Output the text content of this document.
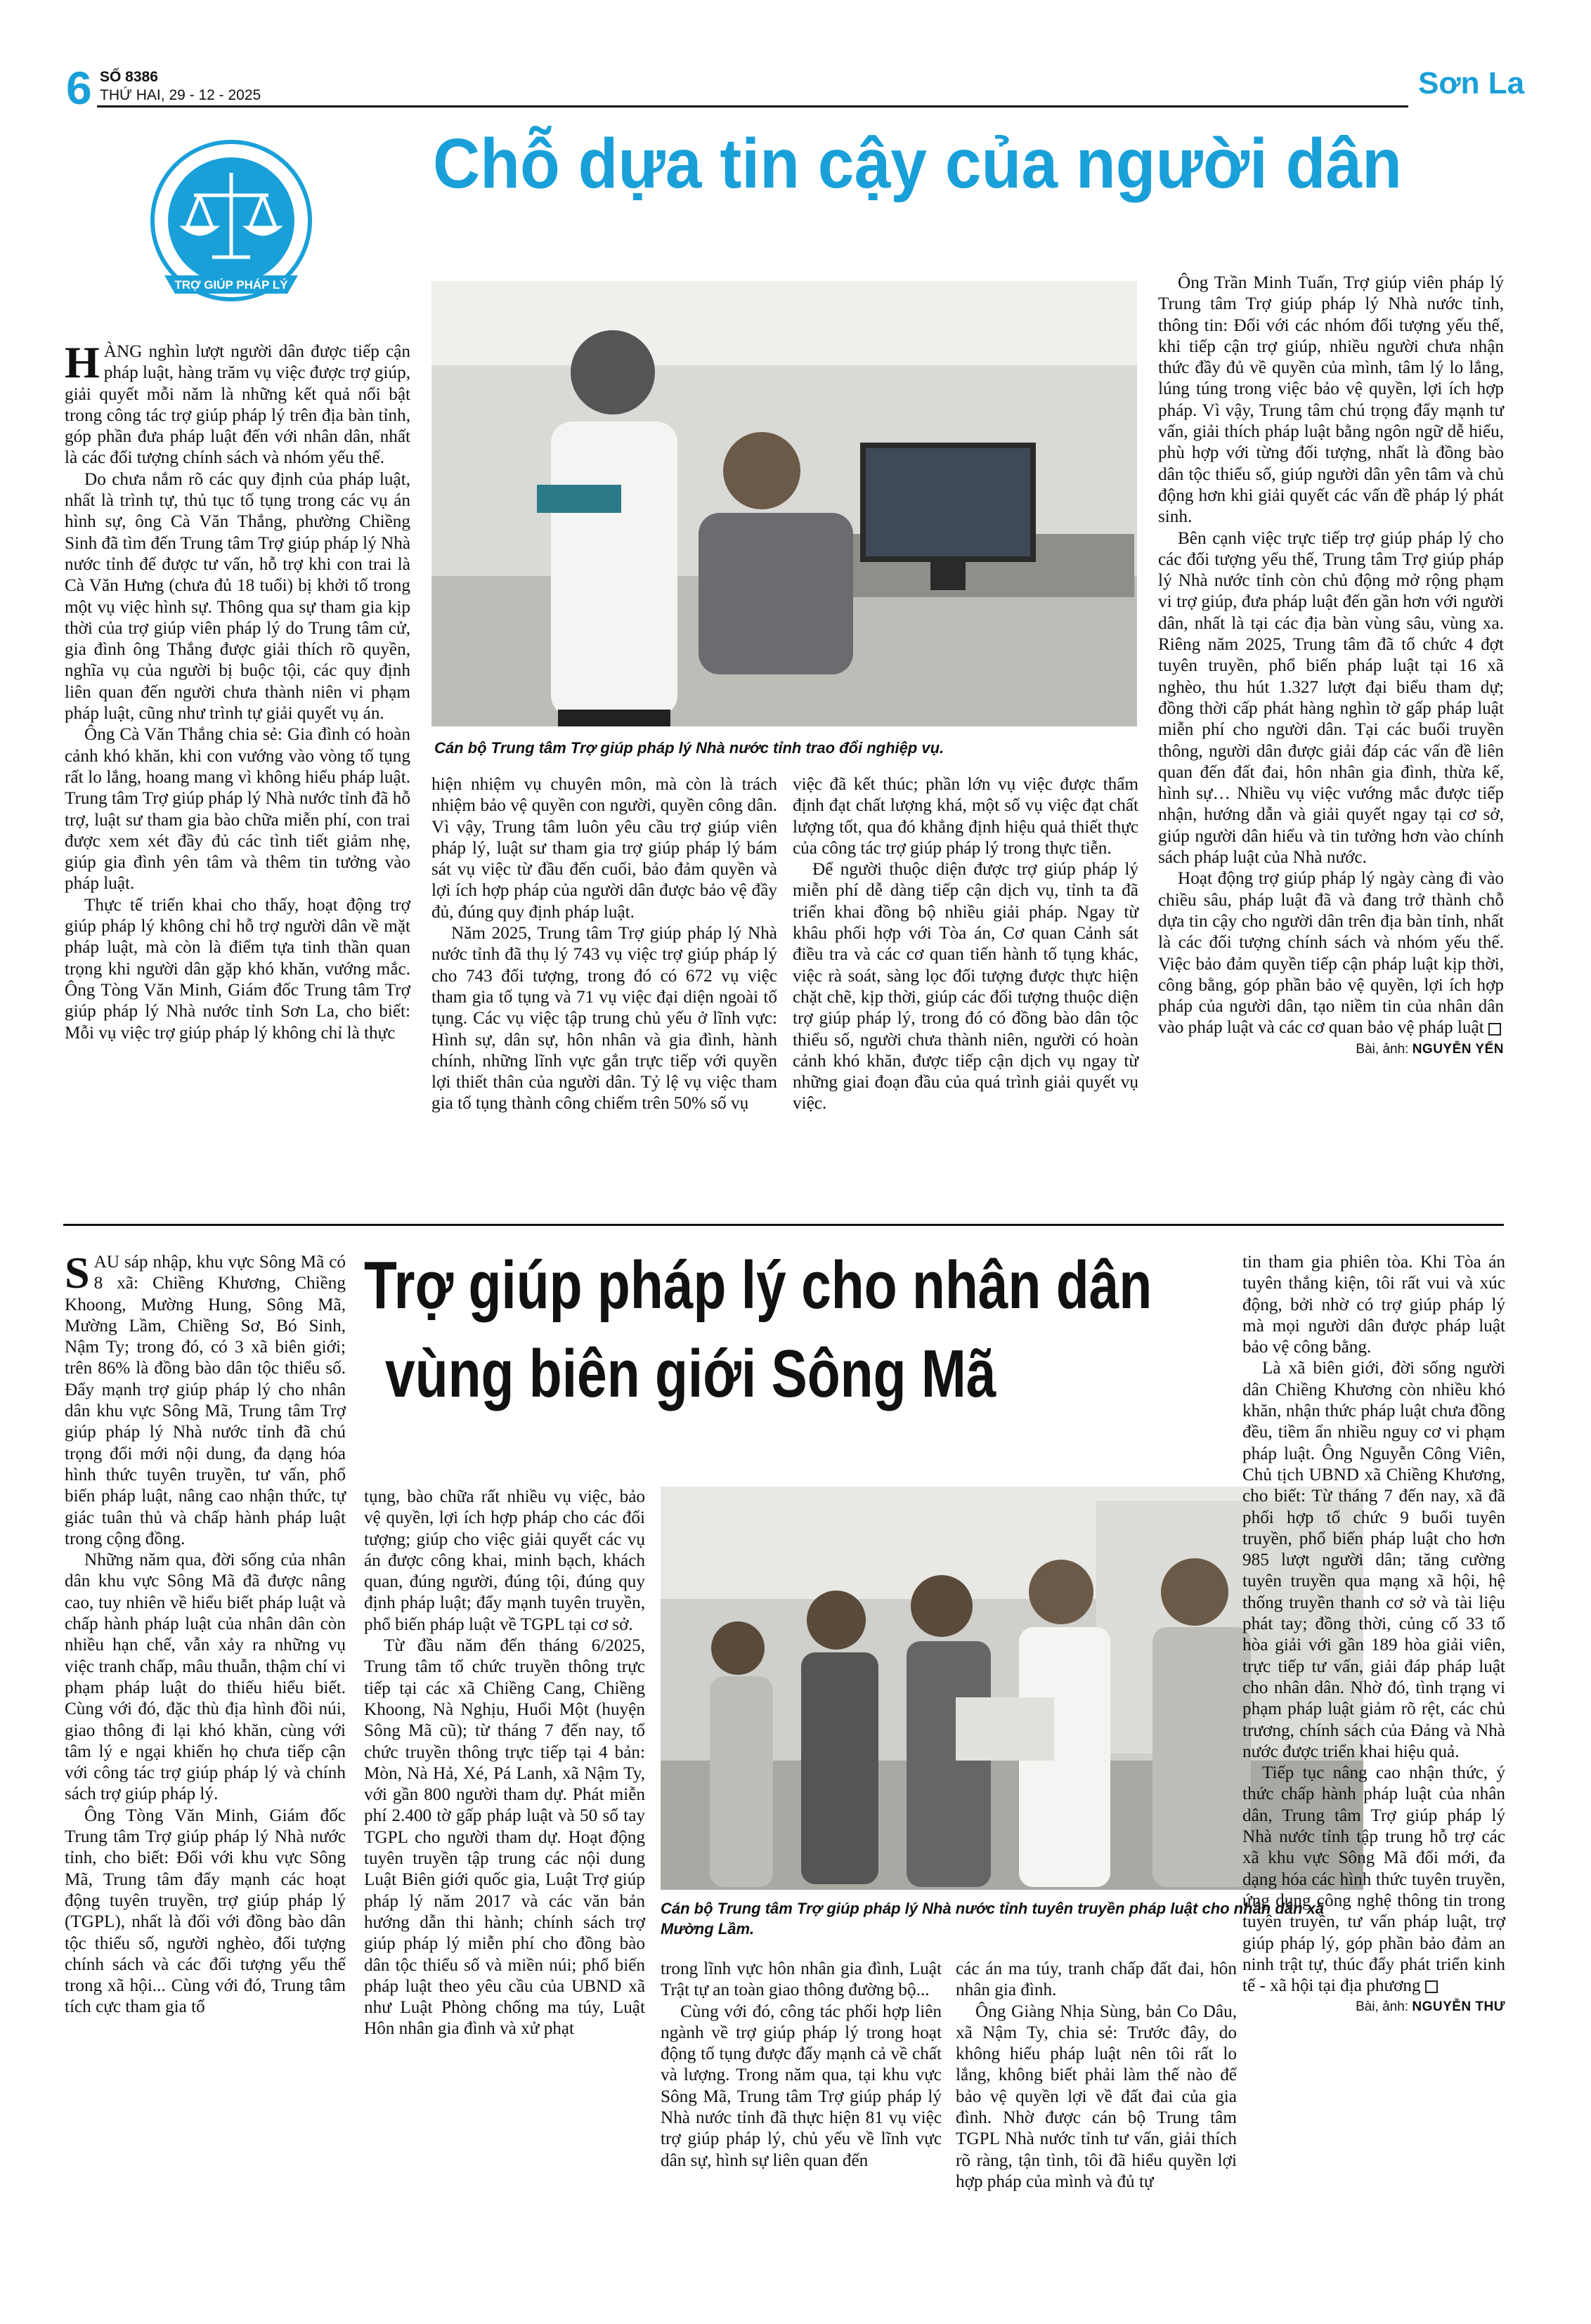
6 SỐ 8386
THỨ HAI, 29 - 12 - 2025	Sơn La
TRỢ GIÚP PHÁP LÝ
Chỗ dựa tin cậy của người dân
Cán bộ Trung tâm Trợ giúp pháp lý Nhà nước tỉnh trao đổi nghiệp vụ.

HÀNG nghìn lượt người dân được tiếp cận pháp luật, hàng trăm vụ việc được trợ giúp, giải quyết mỗi năm là những kết quả nổi bật trong công tác trợ giúp pháp lý trên địa bàn tỉnh, góp phần đưa pháp luật đến với nhân dân, nhất là các đối tượng chính sách và nhóm yếu thế.

Do chưa nắm rõ các quy định của pháp luật, nhất là trình tự, thủ tục tố tụng trong các vụ án hình sự, ông Cà Văn Thắng, phường Chiềng Sinh đã tìm đến Trung tâm Trợ giúp pháp lý Nhà nước tỉnh để được tư vấn, hỗ trợ khi con trai là Cà Văn Hưng (chưa đủ 18 tuổi) bị khởi tố trong một vụ việc hình sự. Thông qua sự tham gia kịp thời của trợ giúp viên pháp lý do Trung tâm cử, gia đình ông Thắng được giải thích rõ quyền, nghĩa vụ của người bị buộc tội, các quy định liên quan đến người chưa thành niên vi phạm pháp luật, cũng như trình tự giải quyết vụ án.

Ông Cà Văn Thắng chia sẻ: Gia đình có hoàn cảnh khó khăn, khi con vướng vào vòng tố tụng rất lo lắng, hoang mang vì không hiểu pháp luật. Trung tâm Trợ giúp pháp lý Nhà nước tỉnh đã hỗ trợ, luật sư tham gia bào chữa miễn phí, con trai được xem xét đầy đủ các tình tiết giảm nhẹ, giúp gia đình yên tâm và thêm tin tưởng vào pháp luật.

Thực tế triển khai cho thấy, hoạt động trợ giúp pháp lý không chỉ hỗ trợ người dân về mặt pháp luật, mà còn là điểm tựa tinh thần quan trọng khi người dân gặp khó khăn, vướng mắc. Ông Tòng Văn Minh, Giám đốc Trung tâm Trợ giúp pháp lý Nhà nước tỉnh Sơn La, cho biết: Mỗi vụ việc trợ giúp pháp lý không chỉ là thực

hiện nhiệm vụ chuyên môn, mà còn là trách nhiệm bảo vệ quyền con người, quyền công dân. Vì vậy, Trung tâm luôn yêu cầu trợ giúp viên pháp lý, luật sư tham gia trợ giúp pháp lý bám sát vụ việc từ đầu đến cuối, bảo đảm quyền và lợi ích hợp pháp của người dân được bảo vệ đầy đủ, đúng quy định pháp luật.

Năm 2025, Trung tâm Trợ giúp pháp lý Nhà nước tỉnh đã thụ lý 743 vụ việc trợ giúp pháp lý cho 743 đối tượng, trong đó có 672 vụ việc tham gia tố tụng và 71 vụ việc đại diện ngoài tố tụng. Các vụ việc tập trung chủ yếu ở lĩnh vực: Hình sự, dân sự, hôn nhân và gia đình, hành chính, những lĩnh vực gắn trực tiếp với quyền lợi thiết thân của người dân. Tỷ lệ vụ việc tham gia tố tụng thành công chiếm trên 50% số vụ

việc đã kết thúc; phần lớn vụ việc được thẩm định đạt chất lượng khá, một số vụ việc đạt chất lượng tốt, qua đó khẳng định hiệu quả thiết thực của công tác trợ giúp pháp lý trong thực tiễn.

Để người thuộc diện được trợ giúp pháp lý miễn phí dễ dàng tiếp cận dịch vụ, tỉnh ta đã triển khai đồng bộ nhiều giải pháp. Ngay từ khâu phối hợp với Tòa án, Cơ quan Cảnh sát điều tra và các cơ quan tiến hành tố tụng khác, việc rà soát, sàng lọc đối tượng được thực hiện chặt chẽ, kịp thời, giúp các đối tượng thuộc diện trợ giúp pháp lý, trong đó có đồng bào dân tộc thiểu số, người chưa thành niên, người có hoàn cảnh khó khăn, được tiếp cận dịch vụ ngay từ những giai đoạn đầu của quá trình giải quyết vụ việc.

Ông Trần Minh Tuấn, Trợ giúp viên pháp lý Trung tâm Trợ giúp pháp lý Nhà nước tỉnh, thông tin: Đối với các nhóm đối tượng yếu thế, khi tiếp cận trợ giúp, nhiều người chưa nhận thức đầy đủ về quyền của mình, tâm lý lo lắng, lúng túng trong việc bảo vệ quyền, lợi ích hợp pháp. Vì vậy, Trung tâm chú trọng đẩy mạnh tư vấn, giải thích pháp luật bằng ngôn ngữ dễ hiểu, phù hợp với từng đối tượng, nhất là đồng bào dân tộc thiểu số, giúp người dân yên tâm và chủ động hơn khi giải quyết các vấn đề pháp lý phát sinh.

Bên cạnh việc trực tiếp trợ giúp pháp lý cho các đối tượng yếu thế, Trung tâm Trợ giúp pháp lý Nhà nước tỉnh còn chủ động mở rộng phạm vi trợ giúp, đưa pháp luật đến gần hơn với người dân, nhất là tại các địa bàn vùng sâu, vùng xa. Riêng năm 2025, Trung tâm đã tổ chức 4 đợt tuyên truyền, phổ biến pháp luật tại 16 xã nghèo, thu hút 1.327 lượt đại biểu tham dự; đồng thời cấp phát hàng nghìn tờ gấp pháp luật miễn phí cho người dân. Tại các buổi truyền thông, người dân được giải đáp các vấn đề liên quan đến đất đai, hôn nhân gia đình, thừa kế, hình sự… Nhiều vụ việc vướng mắc được tiếp nhận, hướng dẫn và giải quyết ngay tại cơ sở, giúp người dân hiểu và tin tưởng hơn vào chính sách pháp luật của Nhà nước.

Hoạt động trợ giúp pháp lý ngày càng đi vào chiều sâu, pháp luật đã và đang trở thành chỗ dựa tin cậy cho người dân trên địa bàn tỉnh, nhất là các đối tượng chính sách và nhóm yếu thế. Việc bảo đảm quyền tiếp cận pháp luật kịp thời, công bằng, góp phần bảo vệ quyền, lợi ích hợp pháp của người dân, tạo niềm tin của nhân dân vào pháp luật và các cơ quan bảo vệ pháp luật

Bài, ảnh: NGUYỄN YẾN
Trợ giúp pháp lý cho nhân dân
vùng biên giới Sông Mã
Cán bộ Trung tâm Trợ giúp pháp lý Nhà nước tỉnh tuyên truyền pháp luật cho nhân dân xã Mường Lầm.

SAU sáp nhập, khu vực Sông Mã có 8 xã: Chiềng Khương, Chiềng Khoong, Mường Hung, Sông Mã, Mường Lầm, Chiềng Sơ, Bó Sinh, Nậm Ty; trong đó, có 3 xã biên giới; trên 86% là đồng bào dân tộc thiểu số. Đẩy mạnh trợ giúp pháp lý cho nhân dân khu vực Sông Mã, Trung tâm Trợ giúp pháp lý Nhà nước tỉnh đã chú trọng đổi mới nội dung, đa dạng hóa hình thức tuyên truyền, tư vấn, phổ biến pháp luật, nâng cao nhận thức, tự giác tuân thủ và chấp hành pháp luật trong cộng đồng.

Những năm qua, đời sống của nhân dân khu vực Sông Mã đã được nâng cao, tuy nhiên về hiểu biết pháp luật và chấp hành pháp luật của nhân dân còn nhiều hạn chế, vẫn xảy ra những vụ việc tranh chấp, mâu thuẫn, thậm chí vi phạm pháp luật do thiếu hiểu biết. Cùng với đó, đặc thù địa hình đồi núi, giao thông đi lại khó khăn, cùng với tâm lý e ngại khiến họ chưa tiếp cận với công tác trợ giúp pháp lý và chính sách trợ giúp pháp lý.

Ông Tòng Văn Minh, Giám đốc Trung tâm Trợ giúp pháp lý Nhà nước tỉnh, cho biết: Đối với khu vực Sông Mã, Trung tâm đẩy mạnh các hoạt động tuyên truyền, trợ giúp pháp lý (TGPL), nhất là đối với đồng bào dân tộc thiểu số, người nghèo, đối tượng chính sách và các đối tượng yếu thế trong xã hội... Cùng với đó, Trung tâm tích cực tham gia tố

tụng, bào chữa rất nhiều vụ việc, bảo vệ quyền, lợi ích hợp pháp cho các đối tượng; giúp cho việc giải quyết các vụ án được công khai, minh bạch, khách quan, đúng người, đúng tội, đúng quy định pháp luật; đẩy mạnh tuyên truyền, phổ biến pháp luật về TGPL tại cơ sở.

Từ đầu năm đến tháng 6/2025, Trung tâm tổ chức truyền thông trực tiếp tại các xã Chiềng Cang, Chiềng Khoong, Nà Nghịu, Huổi Một (huyện Sông Mã cũ); từ tháng 7 đến nay, tổ chức truyền thông trực tiếp tại 4 bản: Mòn, Nà Hả, Xé, Pá Lanh, xã Nậm Ty, với gần 800 người tham dự. Phát miễn phí 2.400 tờ gấp pháp luật và 50 sổ tay TGPL cho người tham dự. Hoạt động tuyên truyền tập trung các nội dung Luật Biên giới quốc gia, Luật Trợ giúp pháp lý năm 2017 và các văn bản hướng dẫn thi hành; chính sách trợ giúp pháp lý miễn phí cho đồng bào dân tộc thiểu số và miền núi; phổ biến pháp luật theo yêu cầu của UBND xã như Luật Phòng chống ma túy, Luật Hôn nhân gia đình và xử phạt

trong lĩnh vực hôn nhân gia đình, Luật Trật tự an toàn giao thông đường bộ...

Cùng với đó, công tác phối hợp liên ngành về trợ giúp pháp lý trong hoạt động tố tụng được đẩy mạnh cả về chất và lượng. Trong năm qua, tại khu vực Sông Mã, Trung tâm Trợ giúp pháp lý Nhà nước tỉnh đã thực hiện 81 vụ việc trợ giúp pháp lý, chủ yếu về lĩnh vực dân sự, hình sự liên quan đến

các án ma túy, tranh chấp đất đai, hôn nhân gia đình.

Ông Giàng Nhịa Sùng, bản Co Dâu, xã Nậm Ty, chia sẻ: Trước đây, do không hiểu pháp luật nên tôi rất lo lắng, không biết phải làm thế nào để bảo vệ quyền lợi về đất đai của gia đình. Nhờ được cán bộ Trung tâm TGPL Nhà nước tỉnh tư vấn, giải thích rõ ràng, tận tình, tôi đã hiểu quyền lợi hợp pháp của mình và đủ tự

tin tham gia phiên tòa. Khi Tòa án tuyên thắng kiện, tôi rất vui và xúc động, bởi nhờ có trợ giúp pháp lý mà mọi người dân được pháp luật bảo vệ công bằng.

Là xã biên giới, đời sống người dân Chiềng Khương còn nhiều khó khăn, nhận thức pháp luật chưa đồng đều, tiềm ẩn nhiều nguy cơ vi phạm pháp luật. Ông Nguyễn Công Viên, Chủ tịch UBND xã Chiềng Khương, cho biết: Từ tháng 7 đến nay, xã đã phối hợp tổ chức 9 buổi tuyên truyền, phổ biến pháp luật cho hơn 985 lượt người dân; tăng cường tuyên truyền qua mạng xã hội, hệ thống truyền thanh cơ sở và tài liệu phát tay; đồng thời, củng cố 33 tổ hòa giải với gần 189 hòa giải viên, trực tiếp tư vấn, giải đáp pháp luật cho nhân dân. Nhờ đó, tình trạng vi phạm pháp luật giảm rõ rệt, các chủ trương, chính sách của Đảng và Nhà nước được triển khai hiệu quả.

Tiếp tục nâng cao nhận thức, ý thức chấp hành pháp luật của nhân dân, Trung tâm Trợ giúp pháp lý Nhà nước tỉnh tập trung hỗ trợ các xã khu vực Sông Mã đổi mới, đa dạng hóa các hình thức tuyên truyền, ứng dụng công nghệ thông tin trong tuyên truyền, tư vấn pháp luật, trợ giúp pháp lý, góp phần bảo đảm an ninh trật tự, thúc đẩy phát triển kinh tế - xã hội tại địa phương

Bài, ảnh: NGUYỄN THƯ
